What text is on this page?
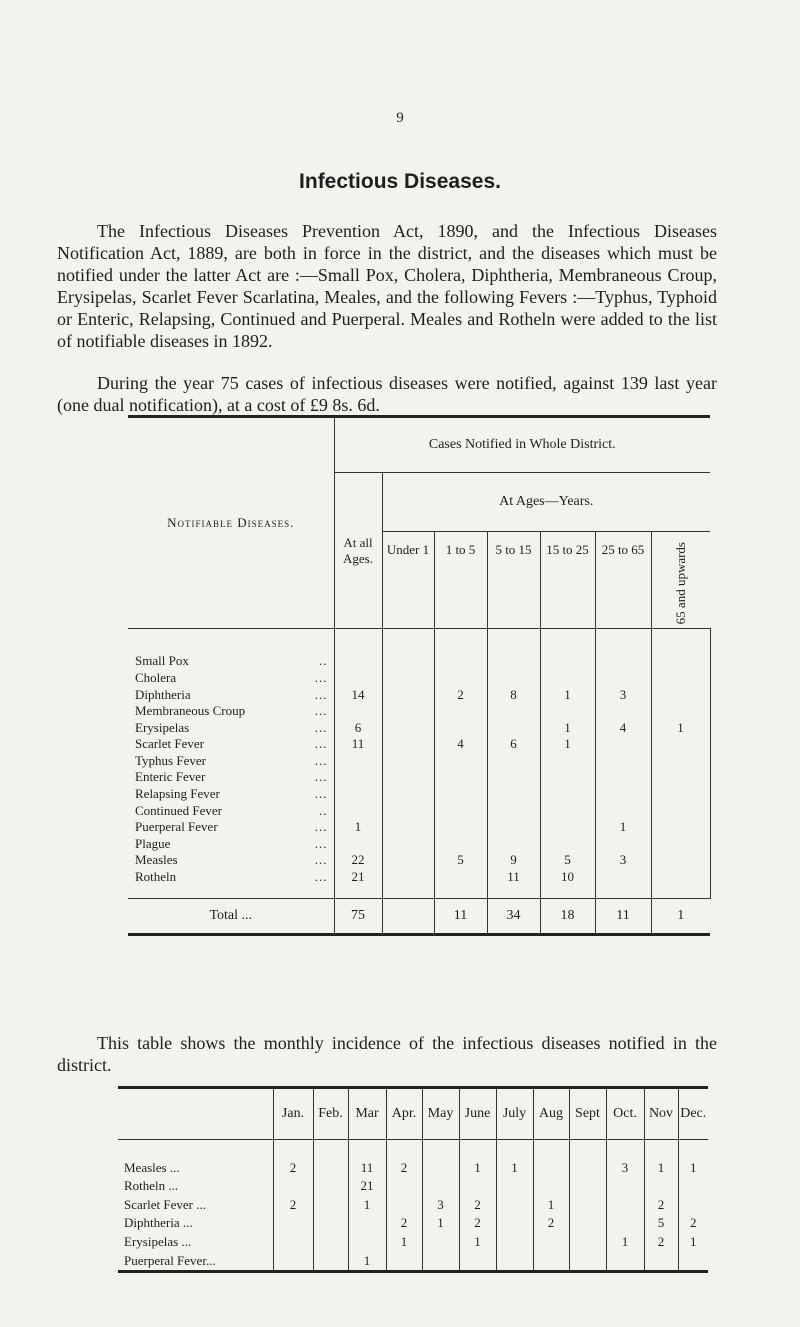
9
Infectious Diseases.

The Infectious Diseases Prevention Act, 1890, and the Infectious Diseases Notification Act, 1889, are both in force in the district, and the diseases which must be notified under the latter Act are :—Small Pox, Cholera, Diphtheria, Membraneous Croup, Erysipelas, Scarlet Fever Scarlatina, Meales, and the following Fevers :—Typhus, Typhoid or Enteric, Relapsing, Continued and Puerperal. Meales and Rotheln were added to the list of notifiable diseases in 1892.

During the year 75 cases of infectious diseases were notified, against 139 last year (one dual notification), at a cost of £9 8s. 6d.

Notifiable Diseases.	Cases Notified in Whole District.						
	At all Ages.	At Ages—Years.					
		Under 1	1 to 5	5 to 15	15 to 25	25 to 65	65 and upwards

Small Pox ..							

Cholera ...							

Diphtheria ...	14		2	8	1	3	
Membraneous Croup ...							

Erysipelas ...	6				1	4	1
Scarlet Fever ...	11		4	6	1		
Typhus Fever ...							

Enteric Fever ...							

Relapsing Fever ...							

Continued Fever ..							

Puerperal Fever ...	1					1	
Plague ...							

Measles ...	22		5	9	5	3	
Rotheln ...	21			11	10		

Total ...	75		11	34	18	11	1

This table shows the monthly incidence of the infectious diseases notified in the district.

	Jan.	Feb.	Mar	Apr.	May	June	July	Aug	Sept	Oct.	Nov	Dec.

Measles ...	2		11	2		1	1			3	1	1
Rotheln ...			21									
Scarlet Fever ...	2		1		3	2		1			2	
Diphtheria ...				2	1	2		2			5	2
Erysipelas ...				1		1				1	2	1
Puerperal Fever...			1									
